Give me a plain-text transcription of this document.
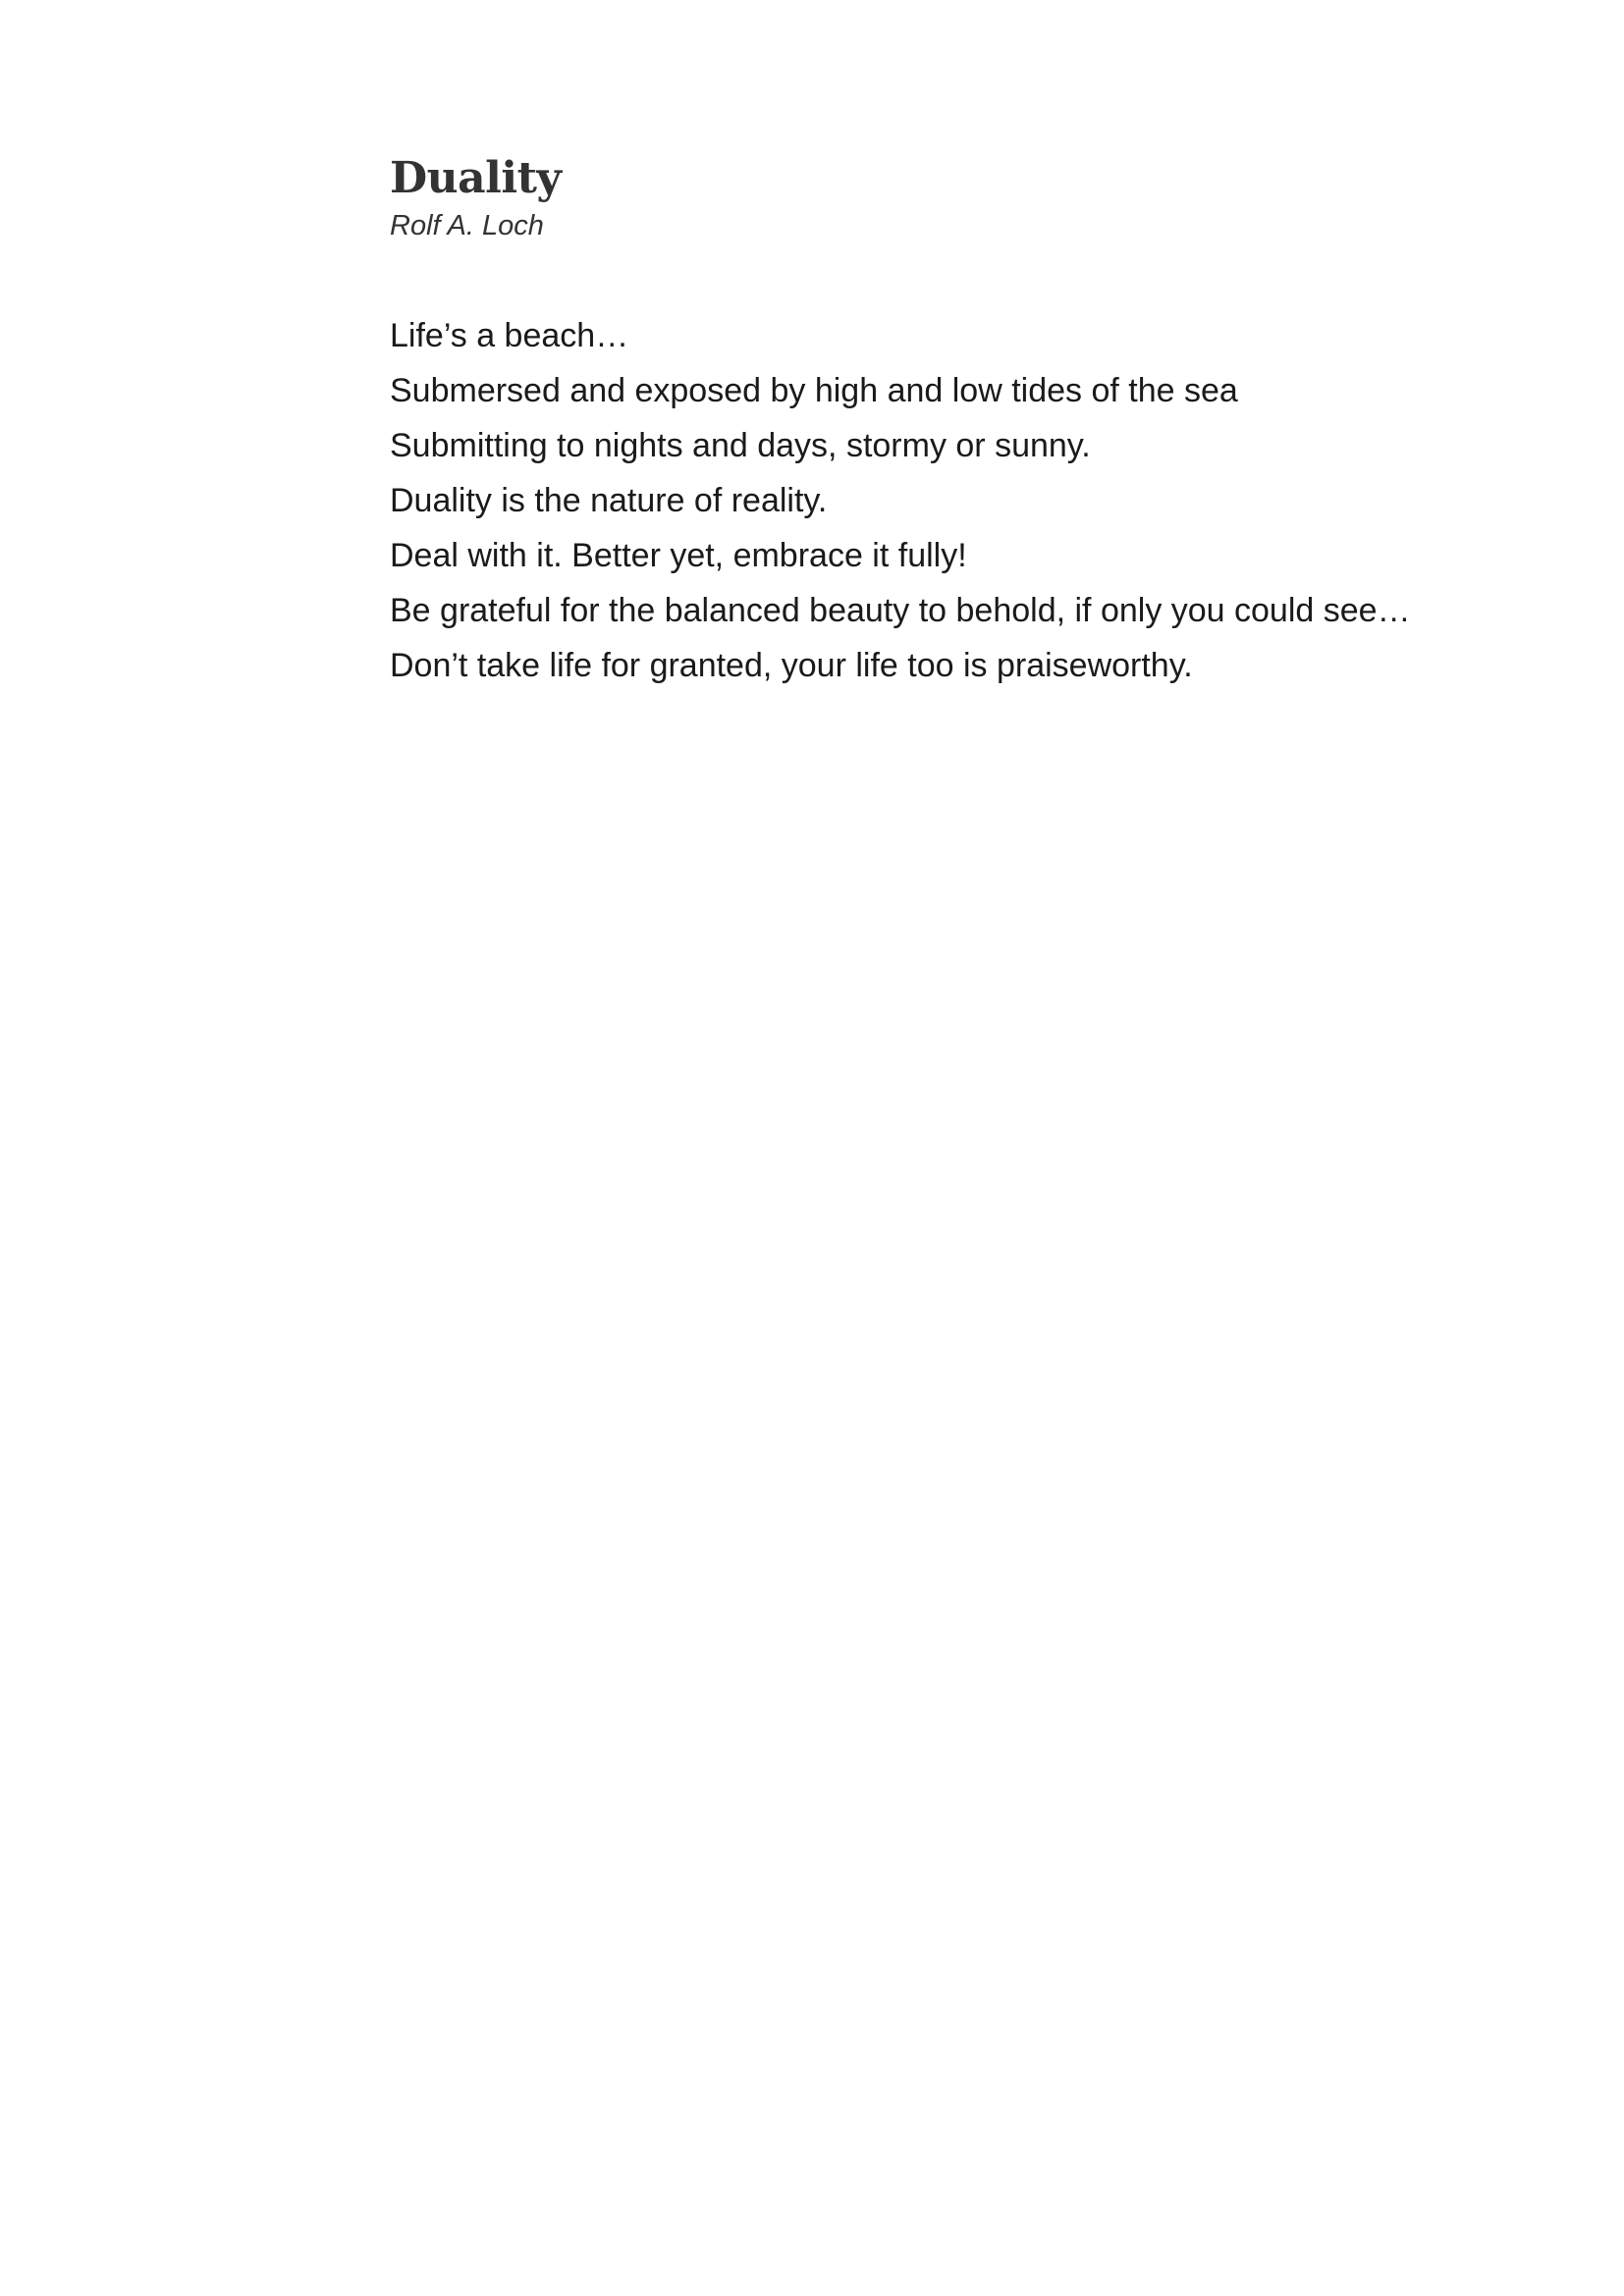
Duality
Rolf A. Loch
Life’s a beach…
Submersed and exposed by high and low tides of the sea
Submitting to nights and days, stormy or sunny.
Duality is the nature of reality.
Deal with it. Better yet, embrace it fully!
Be grateful for the balanced beauty to behold, if only you could see…
Don’t take life for granted, your life too is praiseworthy.
